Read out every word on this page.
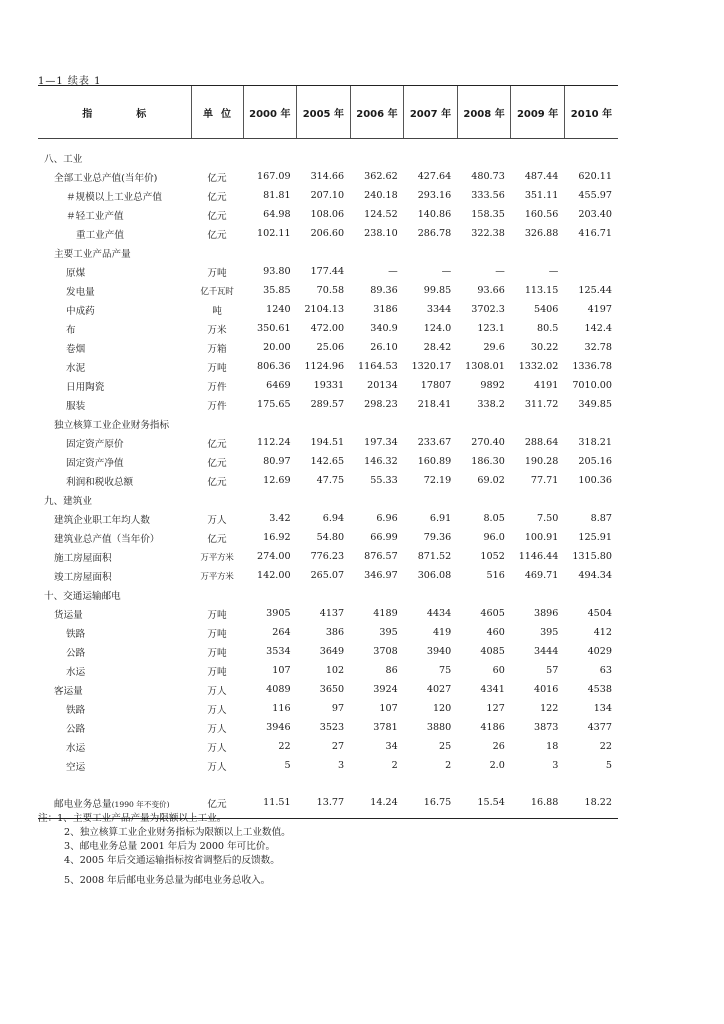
1—1 续表 1
指标	单位	2000 年	2005 年	2006 年	2007 年	2008 年	2009 年	2010 年

八、工业								
全部工业总产值(当年价)	亿元	167.09	314.66	362.62	427.64	480.73	487.44	620.11
＃规模以上工业总产值	亿元	81.81	207.10	240.18	293.16	333.56	351.11	455.97
＃轻工业产值	亿元	64.98	108.06	124.52	140.86	158.35	160.56	203.40
重工业产值	亿元	102.11	206.60	238.10	286.78	322.38	326.88	416.71
主要工业产品产量								
原煤	万吨	93.80	177.44	—	—	—	—	
发电量	亿千瓦时	35.85	70.58	89.36	99.85	93.66	113.15	125.44
中成药	吨	1240	2104.13	3186	3344	3702.3	5406	4197
布	万米	350.61	472.00	340.9	124.0	123.1	80.5	142.4
卷烟	万箱	20.00	25.06	26.10	28.42	29.6	30.22	32.78
水泥	万吨	806.36	1124.96	1164.53	1320.17	1308.01	1332.02	1336.78
日用陶瓷	万件	6469	19331	20134	17807	9892	4191	7010.00
服装	万件	175.65	289.57	298.23	218.41	338.2	311.72	349.85
独立核算工业企业财务指标								
固定资产原价	亿元	112.24	194.51	197.34	233.67	270.40	288.64	318.21
固定资产净值	亿元	80.97	142.65	146.32	160.89	186.30	190.28	205.16
利润和税收总额	亿元	12.69	47.75	55.33	72.19	69.02	77.71	100.36
九、建筑业								
建筑企业职工年均人数	万人	3.42	6.94	6.96	6.91	8.05	7.50	8.87
建筑业总产值（当年价）	亿元	16.92	54.80	66.99	79.36	96.0	100.91	125.91
施工房屋面积	万平方米	274.00	776.23	876.57	871.52	1052	1146.44	1315.80
竣工房屋面积	万平方米	142.00	265.07	346.97	306.08	516	469.71	494.34
十、交通运输邮电								
货运量	万吨	3905	4137	4189	4434	4605	3896	4504
铁路	万吨	264	386	395	419	460	395	412
公路	万吨	3534	3649	3708	3940	4085	3444	4029
水运	万吨	107	102	86	75	60	57	63
客运量	万人	4089	3650	3924	4027	4341	4016	4538
铁路	万人	116	97	107	120	127	122	134
公路	万人	3946	3523	3781	3880	4186	3873	4377
水运	万人	22	27	34	25	26	18	22
空运	万人	5	3	2	2	2.0	3	5

邮电业务总量(1990 年不变价)	亿元	11.51	13.77	14.24	16.75	15.54	16.88	18.22
注：1、主要工业产品产量为限额以上工业。
2、独立核算工业企业财务指标为限额以上工业数值。
3、邮电业务总量 2001 年后为 2000 年可比价。
4、2005 年后交通运输指标按省调整后的反馈数。
5、2008 年后邮电业务总量为邮电业务总收入。
